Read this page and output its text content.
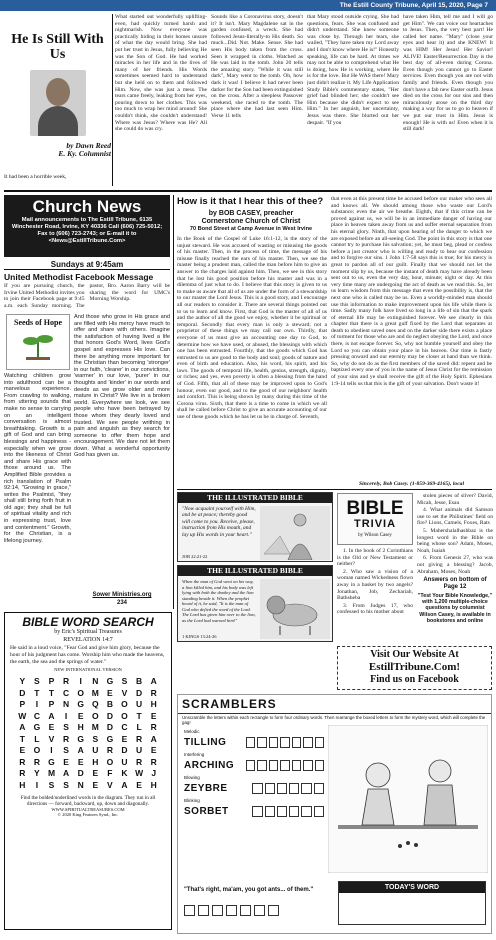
The Estill County Tribune, April 15, 2020, Page 7
He Is Still With Us
by Dawn Reed
E. Ky. Columnist
It had been a horrible week,
What started out wonderfully uplifting-even, had quickly turned harsh and nightmarish. Now everyone was practically hiding in their homes unsure of what the day would bring. She had put her trust in Jesus, fully believing He was the Son of God. He had worked miracles in her life and in the lives of many of her friends. His Words sometimes seemed hard to understand but she held on to them and followed Him. Now, she was just a mess. The tears came freely, leaking from her eyes, pouring down to her clothes. This was too much to wrap her mind around! She couldn't think, she couldn't understand! Where was Jesus? Where was He? All she could do was cry.
Sounds like a Coronavirus story, doesn't it? It isn't. Mary Magdalene sat in the garden confused, a wreck. She had followed Jesus-literally-to His death. So much...Did. Not. Make. Sense. She had seen His body taken from the cross. Seen it wrapped in cloths. Watched as He was laid in the tomb. John 20 tells the amazing story. "While it was still dark", Mary went to the tomb. Oh, how dark it was! I believe it had never been darker for the Son had been extinguished on the cross. After a sleepless Passover weekend, she raced to the tomb. The place where she had last seen Him. Verse 11 tells
that Mary stood outside crying. She had questions, fears. She was confused and didn't understand. She knew someone was close by. Through her tears, she wailed, "They have taken my Lord away and I don't know where He is!" Honestly speaking, life can be hard. At times we may not be able to comprehend what He is doing, how He is working, where He is for the love. But He WAS there! Mary just didn't realize it. My Life Application Study Bible's commentary states, "Her grief had blinded her; she couldn't see Him because she didn't expect to see Him." In her anguish, her uncertainty, Jesus was there. She blurted out her despair. "If you
have taken Him, tell me and I will go get Him". We can voice our heartaches to Jesus. Then, the very best part! He called her name. "Mary" (close your eyes and hear it) and she KNEW! It was HIM! Her Jesus! Her Savior! ALIVE! Easter/Resurrection Day is the best day of all-even during Corona. Even though you cannot go to Easter services. Even though you are not with family and friends. Even though you don't have a fab new Easter outfit. Jesus died on the cross for our sins and then miraculously arose on the third day making a way for us to go to heaven if we put our trust in Him. Jesus is enough! He is with us! Even when it is still dark!
Church News
Mail announcements to The Estill Tribune, 6135 Winchester Road, Irvine, KY 40336 Call (606) 725-5012; Fax to (606) 723-2743; or E-mail it to <News@EstillTribune.Com>
Sundays at 9:45am
United Methodist Facebook Message
If you are pursuing church, the Irvine United Methodist invites you to join their Facebook page at 9:45 a.m. each Sunday morning. The pastor, Bro. Aaron Barry will be sharing the word for UMC's Morning Worship.
Seeds of Hope
Watching children grow into adulthood can be a marvelous experience. From crawling to walking, from uttering sounds that make no sense to carrying on an intelligent conversation is almost breathtaking. Growth is a gift of God and can bring blessings and happiness - especially when we grow into the likeness of Christ and share His grace with those around us. The Amplified Bible provides a rich translation of Psalm 92:14, "Growing in grace," writes the Psalmist, "they shall still bring forth fruit in old age; they shall be full of spiritual vitality and rich in expressing trust, love and contentment." Growth, for the Christian, is a lifelong journey.
And those who grow in His grace and are filled with His mercy have much to offer and share with others. Imagine the satisfaction of having lived a life that honors God's Word, lives God's gospel and expresses His love. Can there be anything more important for the Christian than becoming 'stronger' in our faith, 'clearer' in our convictions, 'warmer' in our love, 'purer' in our thoughts and 'kinder' in our words and deeds as we grow older and more mature in Christ? We live in a broken world. Everywhere we look, we see people who have been betrayed by those whom they dearly loved and trusted. We see people writhing in pain and anguish as they search for someone to offer them hope and encouragement. We dare not let them down. What a wonderful opportunity God has given us.
Sower Ministries.org
234
How is it that I hear this of thee?
by BOB CASEY, preacher
Cornerstone Church of Christ
70 Bond Street at Camp Avenue in West Irvine
In the Book of the Gospel of Luke 16:1-12, is the story of the unjust steward. He was accused of wasting or misusing the goods of his master. Then, in the process of time, the message of his misuse finally reached the ears of his master. Then, we see the master being a prudent man, called the man before him to give an answer to the charges laid against him. Then, we see in this story that he lost his good position before his master and was in a dilemma of just what to do. I believe that this story is given to us to make us aware that all of us are under the form of a stewardship to our master the Lord Jesus. This is a good story, and I encourage all our readers to consider it. There are several things pointed out to us to learn and know. First, that God is the master of all of us and the author of all the good we enjoy, whether it be spiritual or temporal. Secondly that every man is only a steward; not a proprietor of these things we may call our own. Thirdly, that everyone of us must give an accounting one day to God, to determine how we have used, or abused, the blessings with which one has been entrusted. Fourthly, that the goods which God has entrusted to us are good to the body and soul; goods of nature and even of birth and education. Also, his word, his spirit, and his laws. The goods of temporal life, health, genius, strength, dignity, or riches; and yes, even poverty is often a blessing from the hand of God. Fifth, that all of these may be improved upon to God's honour, even our good, and to the good of our neighbors' health and comfort. This is being shown by many during this time of the Corona virus. Sixth, that there is a time to come in which we all shall be called before Christ to give an accurate accounting of our use of these goods which he has let us be in charge of. Seventh,
that even at this present time be accused before our maker who sees all and knows all. We should among those who waste our Lord's substance; even the air we breathe. Eighth, that if this crime can be proved against us, we will be in an immediate danger of having our place in heaven taken away from us and suffer eternal separation from his eternal glory. Ninth, that upon hearing of the danger to which we are exposed before an all-seeing God. The point in this story is that one cannot try to purchase his salvation; yet, he must beg, plead or confess before a just creator who is willing and ready to hear our confession and to forgive our sins. 1 John 1:7-58 says this is true; for his mercy is great to pardon all of our guilt. Finally that we should not let the moment slip by us, because the instant of death may have already been sent out to us, even the very day, hour, minute; night or day. At this very time many are undergoing the act of death as we read this. So, let us learn wisdom from this message that even the possibility is, that the next one who is called may be us. Even a worldly-minded man should use this information to make improvement upon his life while there is time. Sadly many folk have lived so long in a life of sin that the spark of eternal life may be extinguished forever. We see clearly in this chapter that there is a great gulf fixed by the Lord that separates at death to obedient saved ones and on the darker side there exists a place of torment for those who are and do neglect obeying the Lord, and once there, is not escape forever. So, why not humble yourself and obey the Lord so you can obtain your place in his heaven. Our time is fastly pressing onward and our eternity may be closer at hand than we think. So, why do not do as the first members of the saved did: repent and be baptized every one of you in the name of Jesus Christ for the remission of your sins and ye shall receive the gift of the Holy Spirit. Ephesians 1:9-14 tells us that this is the gift of your salvation. Don't waste it!
Sincerely, Bob Casey. (1-859-369-4165), local
THE ILLUSTRATED BIBLE
"Now acquaint yourself with Him, and be at peace; thereby good will come to you. Receive, please, instruction from His mouth, and lay up His words in your heart."
JOB 22:21-22
THE ILLUSTRATED BIBLE
When the man of God went on his way, a lion killed him, and his body was left lying with both the donkey and the lion standing beside it. When the prophet heard of it, he said, "It is the man of God who defied the word of the Lord. The Lord has given him over to the lion, as the Lord had warned him!"
1 KINGS 13:24-26
BIBLE
TRIVIA
by Wilson Casey

1. In the book of 2 Corinthians is the Old or New Testament or neither?

2. Who saw a vision of a woman named Wickedness flown away in a basket by two angels? Jonathan, Job, Zechariah, Bathsheba

3. From Judges 17, who confessed to his mother about

stolen pieces of silver? David, Micah, Jesse, Esau

4. What animals did Samson use to set the Philistines' field on fire? Lions, Camels, Foxes, Rats

5. Mahershalalhashbaz is the longest word in the Bible on being whose son? Adam, Moses, Noah, Isaiah

6. From Genesis 27, who was not giving a blessing? Jacob, Abraham, Moses, Noah

Answers on bottom of Page 12
"Test Your Bible Knowledge," with 1,200 multiple-choice questions by columnist Wilson Casey, is available in bookstores and online
Visit Our Website At
EstillTribune.Com!
Find us on Facebook
BIBLE WORD SEARCH
by Eric's Spiritual Treasures
REVELATION 14:7
He said in a loud voice, "Fear God and give him glory, because the hour of his judgment has come. Worship him who made the heavens, the earth, the sea and the springs of water."
NEW INTERNATIONAL VERSION
Y	S	P	R	I	N G S	B A
D	T	T	C O M E	V	D R
P	I	P	N G Q B O U H
W C A	I	E O D O	T	E
A G E	S	H M D C	L	R
T	L	V	R G S G E	R A
E O	I	S	A U R D U	E
R R G E	E	H O U R R
R	Y M A D	E	F	K W J
H	I	S	S	N	E	V	A	E	H
Find the bolded/underlined words in the diagram. They run in all directions — forward, backward, up, down and diagonally.
WWW.SPIRITUALTREASURES.COM
© 2020 King Features Synd., Inc.
SCRAMBLERS
Unscramble the letters within each rectangle to form four ordinary words. Then rearrange the boxed letters to form the mystery word, which will complete the gag!
Melodic
TILLING
Interfering
ARCHING
Blowing
ZEYBRE
Blinking
SORBET
"That's right, ma'am, you got ants... of them."	TODAY'S WORD
